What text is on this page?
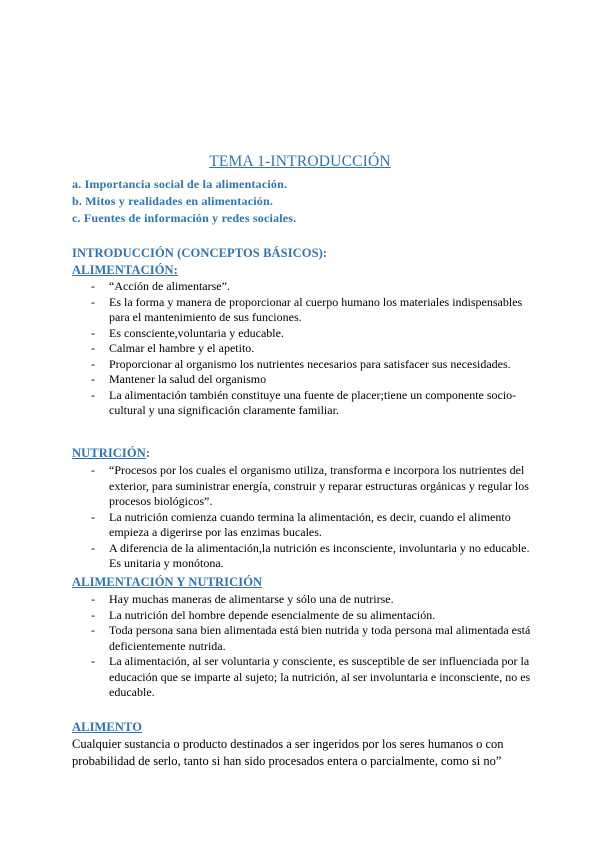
TEMA 1-INTRODUCCIÓN
a. Importancia social de la alimentación.
b. Mitos y realidades en alimentación.
c. Fuentes de información y redes sociales.
INTRODUCCIÓN (CONCEPTOS BÁSICOS):
ALIMENTACIÓN:
- “Acción de alimentarse”.
- Es la forma y manera de proporcionar al cuerpo humano los materiales indispensables para el mantenimiento de sus funciones.
- Es consciente,voluntaria y educable.
- Calmar el hambre y el apetito.
- Proporcionar al organismo los nutrientes necesarios para satisfacer sus necesidades.
- Mantener la salud del organismo
- La alimentación también constituye una fuente de placer;tiene un componente socio-cultural y una significación claramente familiar.
NUTRICIÓN:
- “Procesos por los cuales el organismo utiliza, transforma e incorpora los nutrientes del exterior, para suministrar energía, construir y reparar estructuras orgánicas y regular los procesos biológicos”.
- La nutrición comienza cuando termina la alimentación, es decir, cuando el alimento empieza a digerirse por las enzimas bucales.
- A diferencia de la alimentación,la nutrición es inconsciente, involuntaria y no educable. Es unitaria y monótona.
ALIMENTACIÓN Y NUTRICIÓN
- Hay muchas maneras de alimentarse y sólo una de nutrirse.
- La nutrición del hombre depende esencialmente de su alimentación.
- Toda persona sana bien alimentada está bien nutrida y toda persona mal alimentada está deficientemente nutrida.
- La alimentación, al ser voluntaria y consciente, es susceptible de ser influenciada por la educación que se imparte al sujeto; la nutrición, al ser involuntaria e inconsciente, no es educable.
ALIMENTO
Cualquier sustancia o producto destinados a ser ingeridos por los seres humanos o con probabilidad de serlo, tanto si han sido procesados entera o parcialmente, como si no”
